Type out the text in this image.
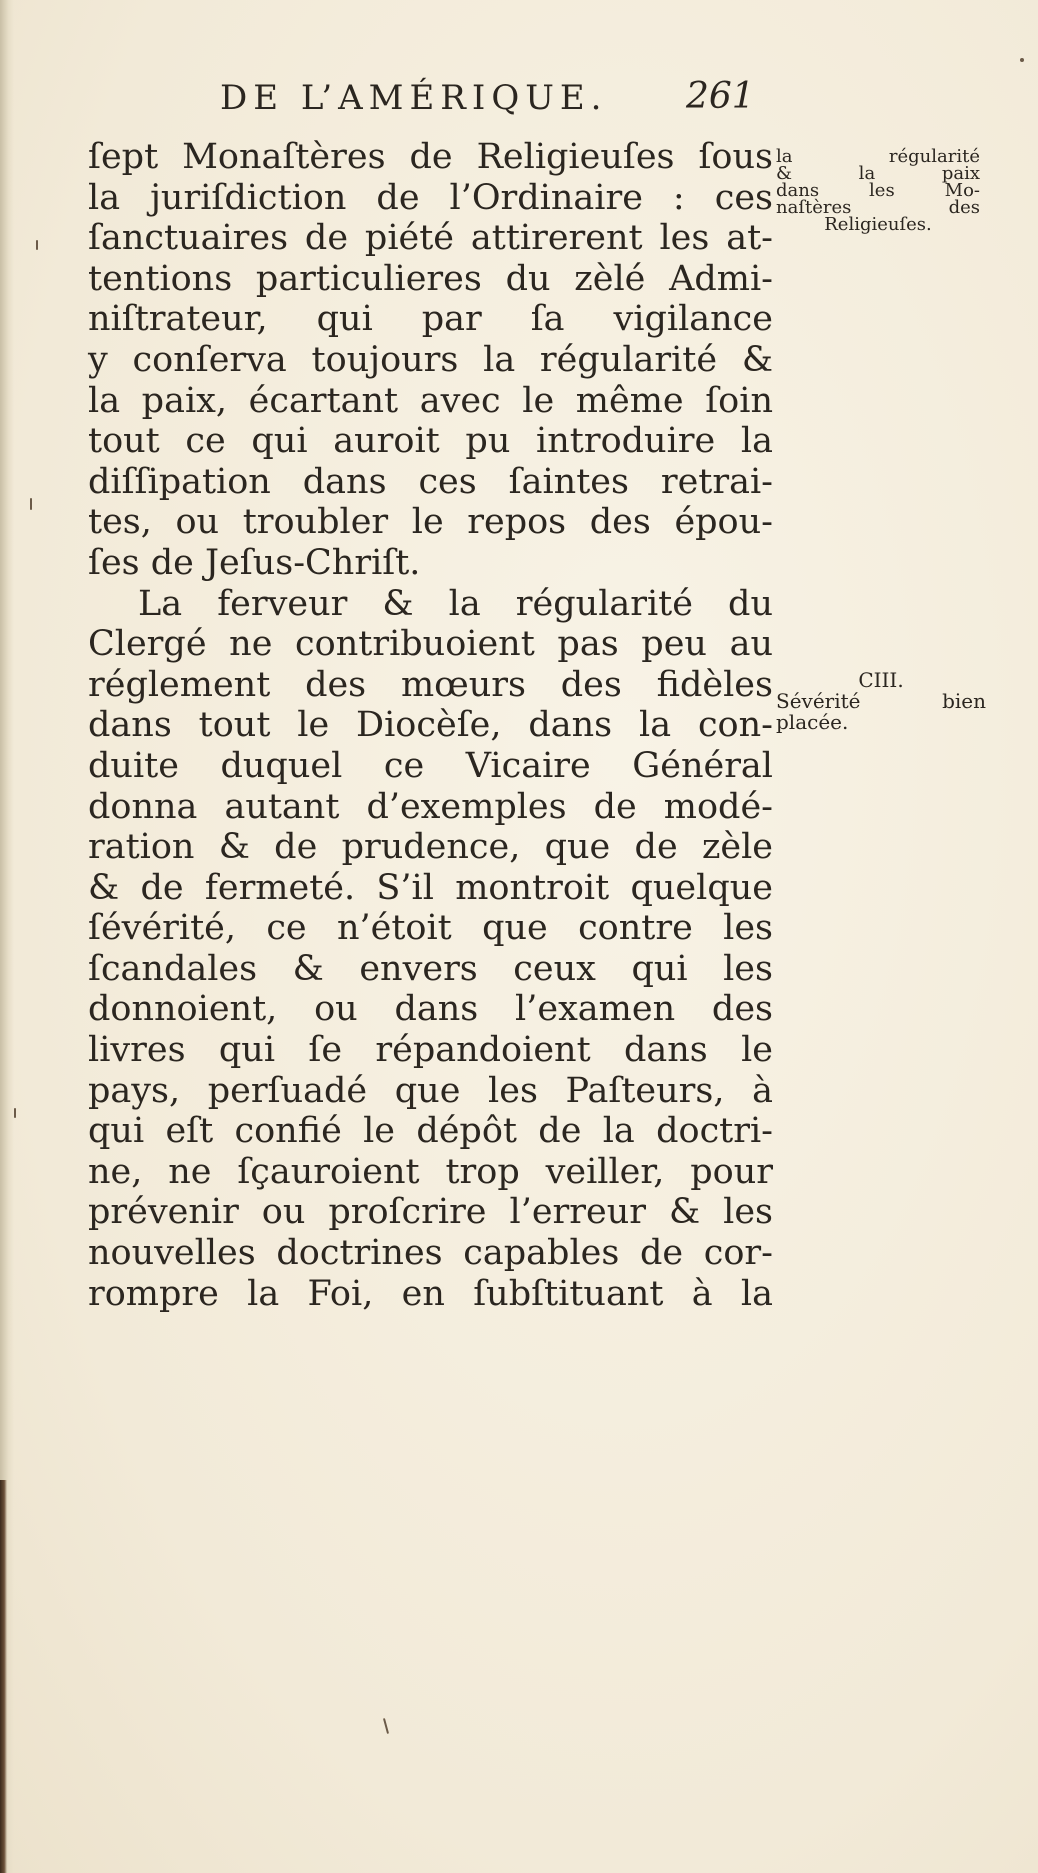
DE L’AMÉRIQUE. 261
ſept Monaſtères de Religieuſes ſous
la juriſdiction de l’Ordinaire : ces
ſanctuaires de piété attirerent les at-
tentions particulieres du zèlé Admi-
niſtrateur, qui par ſa vigilance
y conſerva toujours la régularité &
la paix, écartant avec le même ſoin
tout ce qui auroit pu introduire la
diſſipation dans ces ſaintes retrai-
tes, ou troubler le repos des épou-
ſes de Jeſus-Chriſt.
La ferveur & la régularité du
Clergé ne contribuoient pas peu au
réglement des mœurs des fidèles
dans tout le Diocèſe, dans la con-
duite duquel ce Vicaire Général
donna autant d’exemples de modé-
ration & de prudence, que de zèle
& de fermeté. S’il montroit quelque
ſévérité, ce n’étoit que contre les
ſcandales & envers ceux qui les
donnoient, ou dans l’examen des
livres qui ſe répandoient dans le
pays, perſuadé que les Paſteurs, à
qui eſt confié le dépôt de la doctri-
ne, ne ſçauroient trop veiller, pour
prévenir ou proſcrire l’erreur & les
nouvelles doctrines capables de cor-
rompre la Foi, en ſubſtituant à la
la régularité
& la paix
dans les Mo-
naſtères des
Religieuſes.
CIII.
Sévérité bien
placée.
